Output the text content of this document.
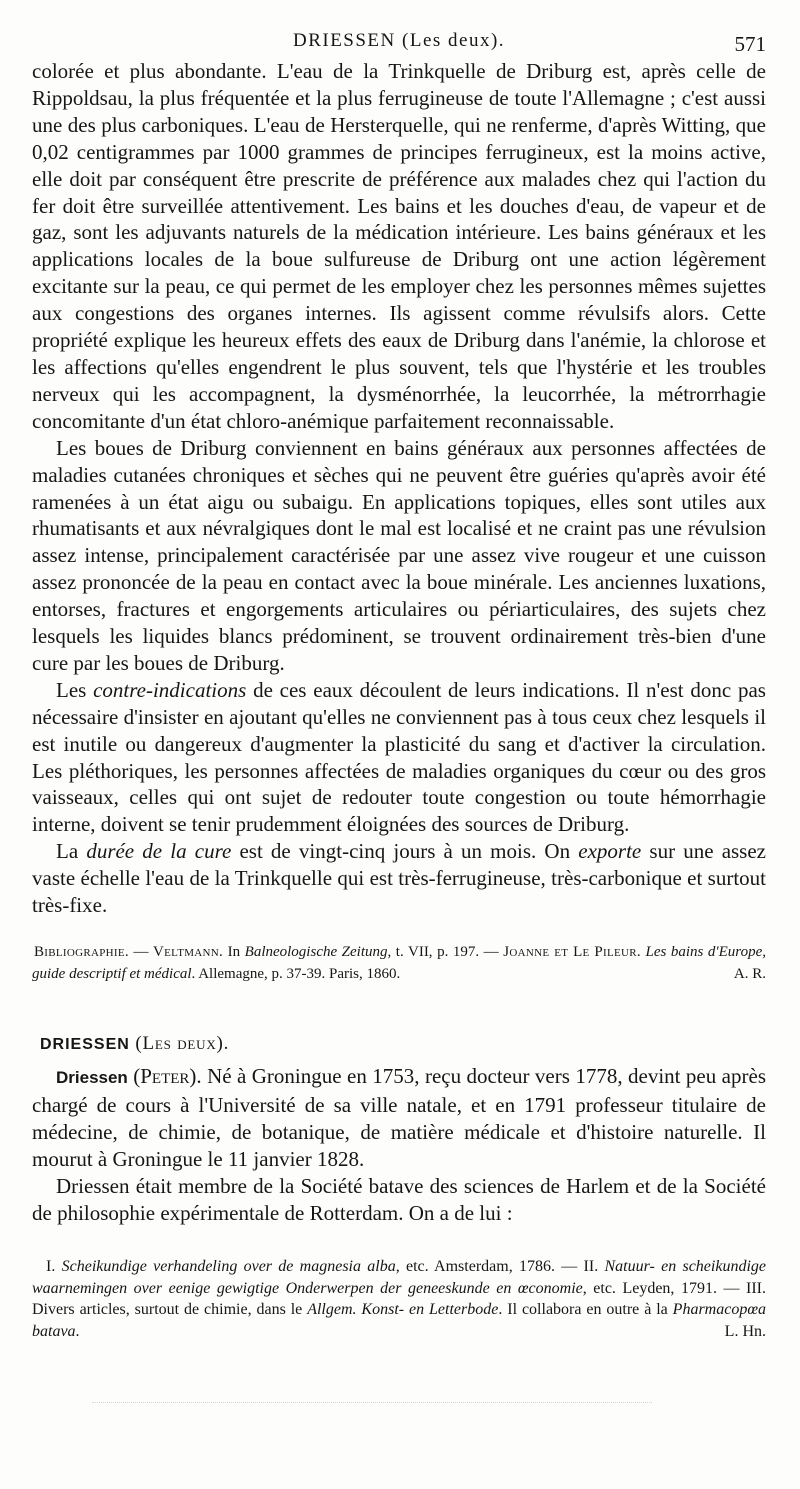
DRIESSEN (Les deux).	571

colorée et plus abondante. L'eau de la Trinkquelle de Driburg est, après celle de Rippoldsau, la plus fréquentée et la plus ferrugineuse de toute l'Allemagne ; c'est aussi une des plus carboniques. L'eau de Hersterquelle, qui ne renferme, d'après Witting, que 0,02 centigrammes par 1000 grammes de principes ferrugineux, est la moins active, elle doit par conséquent être prescrite de préférence aux malades chez qui l'action du fer doit être surveillée attentivement. Les bains et les douches d'eau, de vapeur et de gaz, sont les adjuvants naturels de la médication intérieure. Les bains généraux et les applications locales de la boue sulfureuse de Driburg ont une action légèrement excitante sur la peau, ce qui permet de les employer chez les personnes mêmes sujettes aux congestions des organes internes. Ils agissent comme révulsifs alors. Cette propriété explique les heureux effets des eaux de Driburg dans l'anémie, la chlorose et les affections qu'elles engendrent le plus souvent, tels que l'hystérie et les troubles nerveux qui les accompagnent, la dysménorrhée, la leucorrhée, la métrorrhagie concomitante d'un état chloro-anémique parfaitement reconnaissable.

Les boues de Driburg conviennent en bains généraux aux personnes affectées de maladies cutanées chroniques et sèches qui ne peuvent être guéries qu'après avoir été ramenées à un état aigu ou subaigu. En applications topiques, elles sont utiles aux rhumatisants et aux névralgiques dont le mal est localisé et ne craint pas une révulsion assez intense, principalement caractérisée par une assez vive rougeur et une cuisson assez prononcée de la peau en contact avec la boue minérale. Les anciennes luxations, entorses, fractures et engorgements articulaires ou périarticulaires, des sujets chez lesquels les liquides blancs prédominent, se trouvent ordinairement très-bien d'une cure par les boues de Driburg.

Les contre-indications de ces eaux découlent de leurs indications. Il n'est donc pas nécessaire d'insister en ajoutant qu'elles ne conviennent pas à tous ceux chez lesquels il est inutile ou dangereux d'augmenter la plasticité du sang et d'activer la circulation. Les pléthoriques, les personnes affectées de maladies organiques du cœur ou des gros vaisseaux, celles qui ont sujet de redouter toute congestion ou toute hémorrhagie interne, doivent se tenir prudemment éloignées des sources de Driburg.

La durée de la cure est de vingt-cinq jours à un mois. On exporte sur une assez vaste échelle l'eau de la Trinkquelle qui est très-ferrugineuse, très-carbonique et surtout très-fixe.

Bibliographie. — Veltmann. In Balneologische Zeitung, t. VII, p. 197. — Joanne et Le Pileur. Les bains d'Europe, guide descriptif et médical. Allemagne, p. 37-39. Paris, 1860.	A. R.

DRIESSEN (Les deux).

Driessen (Peter). Né à Groningue en 1753, reçu docteur vers 1778, devint peu après chargé de cours à l'Université de sa ville natale, et en 1791 professeur titulaire de médecine, de chimie, de botanique, de matière médicale et d'histoire naturelle. Il mourut à Groningue le 11 janvier 1828.

Driessen était membre de la Société batave des sciences de Harlem et de la Société de philosophie expérimentale de Rotterdam. On a de lui :

I. Scheikundige verhandeling over de magnesia alba, etc. Amsterdam, 1786. — II. Natuur- en scheikundige waarnemingen over eenige gewigtige Onderwerpen der geneeskunde en œconomie, etc. Leyden, 1791. — III. Divers articles, surtout de chimie, dans le Allgem. Konst- en Letterbode. Il collabora en outre à la Pharmacopœa batava.	L. Hn.
